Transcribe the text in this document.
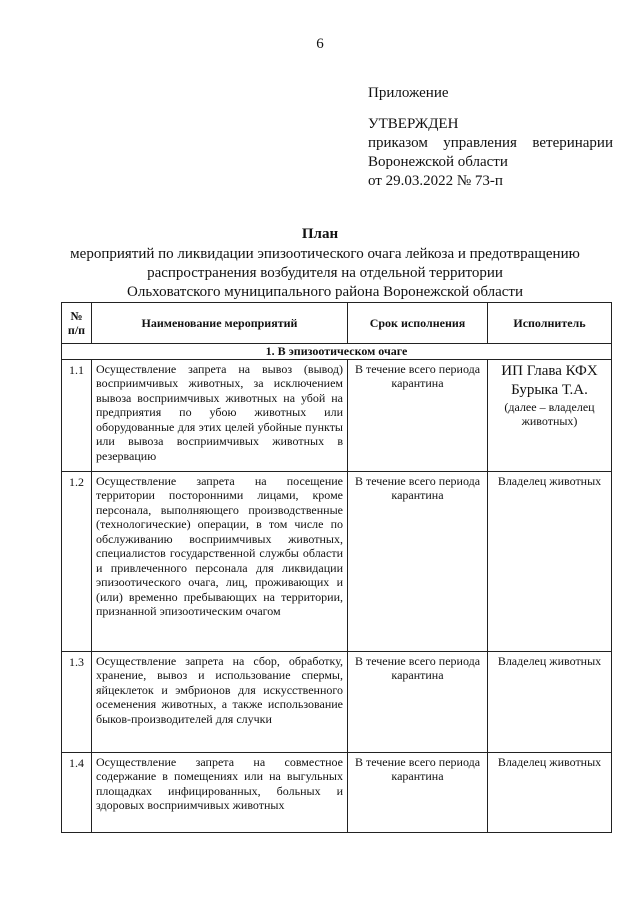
6
Приложение
УТВЕРЖДЕН
приказом управления ветеринарии
Воронежской области
от 29.03.2022 № 73-п
План
мероприятий по ликвидации эпизоотического очага лейкоза и предотвращению
распространения возбудителя на отдельной территории
Ольховатского муниципального района Воронежской области
№ п/п	Наименование мероприятий	Срок исполнения	Исполнитель
1. В эпизоотическом очаге			
1.1	Осуществление запрета на вывоз (вывод) восприимчивых животных, за исключением вывоза восприимчивых животных на убой на предприятия по убою животных или оборудованные для этих целей убойные пункты или вывоза восприимчивых животных в резервацию	В течение всего периода карантина	ИП Глава КФХ Бурыка Т.А.
(далее – владелец животных)

1.2	Осуществление запрета на посещение территории посторонними лицами, кроме персонала, выполняющего производственные (технологические) операции, в том числе по обслуживанию восприимчивых животных, специалистов государственной службы области и привлеченного персонала для ликвидации эпизоотического очага, лиц, проживающих и (или) временно пребывающих на территории, признанной эпизоотическим очагом	В течение всего периода карантина	Владелец животных
1.3	Осуществление запрета на сбор, обработку, хранение, вывоз и использование спермы, яйцеклеток и эмбрионов для искусственного осеменения животных, а также использование быков-производителей для случки	В течение всего периода карантина	Владелец животных
1.4	Осуществление запрета на совместное содержание в помещениях или на выгульных площадках инфицированных, больных и здоровых восприимчивых животных	В течение всего периода карантина	Владелец животных
